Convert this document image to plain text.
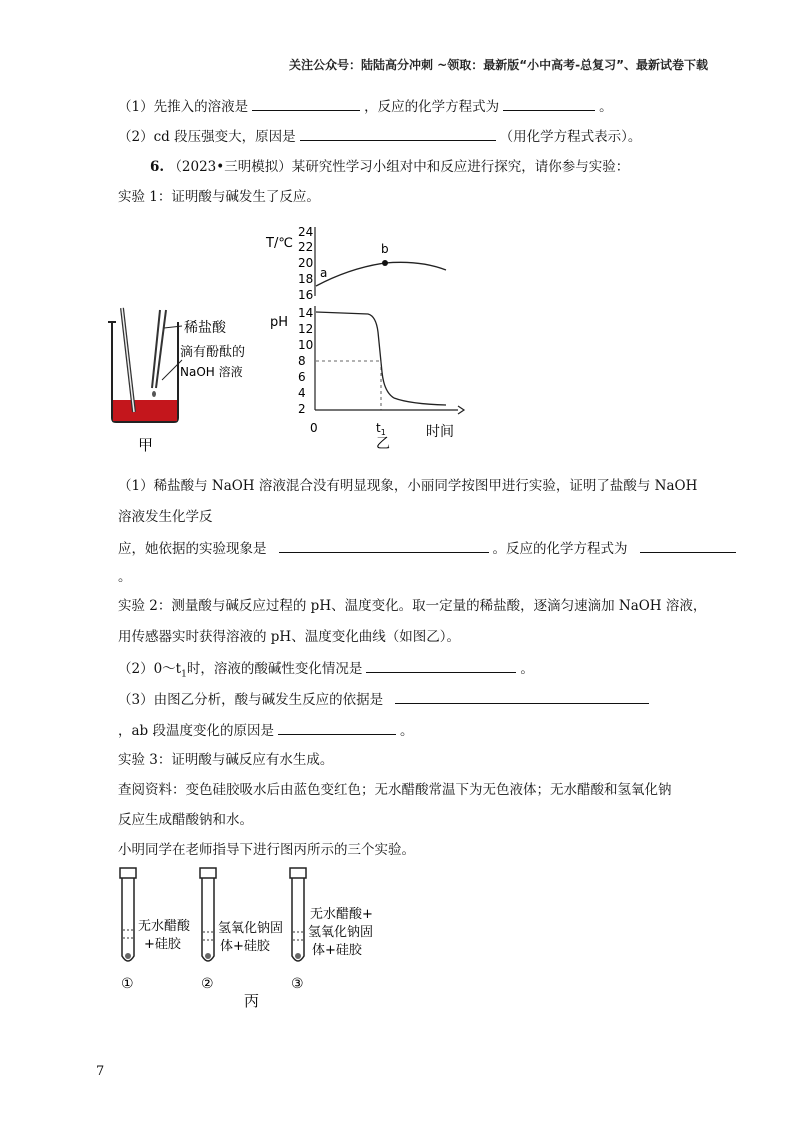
关注公众号：陆陆高分冲刺 ~领取：最新版“小中高考-总复习”、最新试卷下载
（1）先推入的溶液是	，反应的化学方程式为	。
（2）cd 段压强变大，原因是	（用化学方程式表示）。
6. （2023•三明模拟）某研究性学习小组对中和反应进行探究，请你参与实验：
实验 1：证明酸与碱发生了反应。
稀盐酸
滴有酚酞的
NaOH 溶液
甲
24
22
20
18
16
T/℃
a
b
pH
14
12
10
8
6
4
2
0	$t_1$	时间
乙
（1）稀盐酸与 NaOH 溶液混合没有明显现象，小丽同学按图甲进行实验，证明了盐酸与 NaOH
溶液发生化学反
应，她依据的实验现象是	。反应的化学方程式为
。
实验 2：测量酸与碱反应过程的 pH、温度变化。取一定量的稀盐酸，逐滴匀速滴加 NaOH 溶液，
用传感器实时获得溶液的 pH、温度变化曲线（如图乙）。
$(2)0\sim t_1$时，溶液的酸碱性变化情况是	。
（3）由图乙分析，酸与碱发生反应的依据是
，ab 段温度变化的原因是	。
实验 3：证明酸与碱反应有水生成。
查阅资料：变色硅胶吸水后由蓝色变红色；无水醋酸常温下为无色液体；无水醋酸和氢氧化钠
反应生成醋酸钠和水。
小明同学在老师指导下进行图丙所示的三个实验。
无水醋酸
+硅胶
①
氢氧化钠固
体+硅胶
②
无水醋酸+
氢氧化钠固
体+硅胶
③
丙
7
